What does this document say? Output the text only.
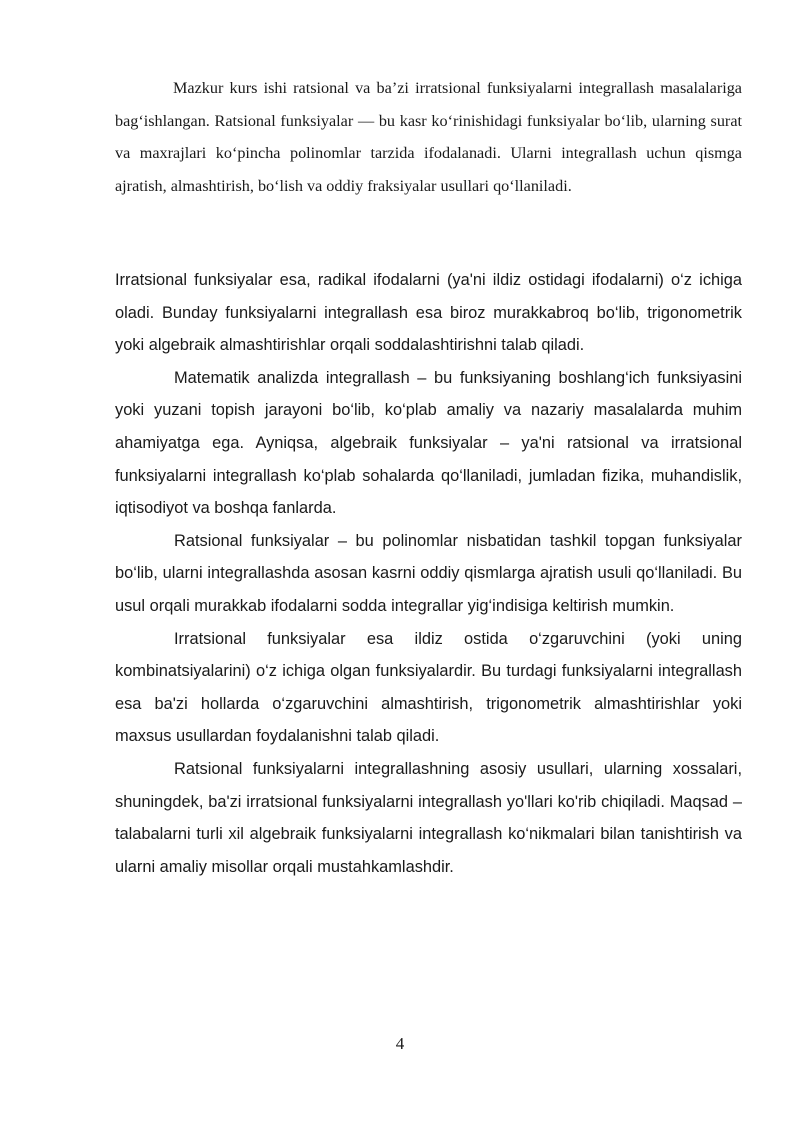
Mazkur kurs ishi ratsional va ba’zi irratsional funksiyalarni integrallash masalalariga bag‘ishlangan. Ratsional funksiyalar — bu kasr ko‘rinishidagi funksiyalar bo‘lib, ularning surat va maxrajlari ko‘pincha polinomlar tarzida ifodalanadi. Ularni integrallash uchun qismga ajratish, almashtirish, bo‘lish va oddiy fraksiyalar usullari qo‘llaniladi.

Irratsional funksiyalar esa, radikal ifodalarni (ya'ni ildiz ostidagi ifodalarni) o‘z ichiga oladi. Bunday funksiyalarni integrallash esa biroz murakkabroq bo‘lib, trigonometrik yoki algebraik almashtirishlar orqali soddalashtirishni talab qiladi.

Matematik analizda integrallash – bu funksiyaning boshlang‘ich funksiyasini yoki yuzani topish jarayoni bo‘lib, ko‘plab amaliy va nazariy masalalarda muhim ahamiyatga ega. Ayniqsa, algebraik funksiyalar – ya'ni ratsional va irratsional funksiyalarni integrallash ko‘plab sohalarda qo‘llaniladi, jumladan fizika, muhandislik, iqtisodiyot va boshqa fanlarda.

Ratsional funksiyalar – bu polinomlar nisbatidan tashkil topgan funksiyalar bo‘lib, ularni integrallashda asosan kasrni oddiy qismlarga ajratish usuli qo‘llaniladi. Bu usul orqali murakkab ifodalarni sodda integrallar yig‘indisiga keltirish mumkin.

Irratsional funksiyalar esa ildiz ostida o‘zgaruvchini (yoki uning kombinatsiyalarini) o‘z ichiga olgan funksiyalardir. Bu turdagi funksiyalarni integrallash esa ba'zi hollarda o‘zgaruvchini almashtirish, trigonometrik almashtirishlar yoki maxsus usullardan foydalanishni talab qiladi.

Ratsional funksiyalarni integrallashning asosiy usullari, ularning xossalari, shuningdek, ba'zi irratsional funksiyalarni integrallash yo'llari ko'rib chiqiladi. Maqsad – talabalarni turli xil algebraik funksiyalarni integrallash ko‘nikmalari bilan tanishtirish va ularni amaliy misollar orqali mustahkamlashdir.

4
